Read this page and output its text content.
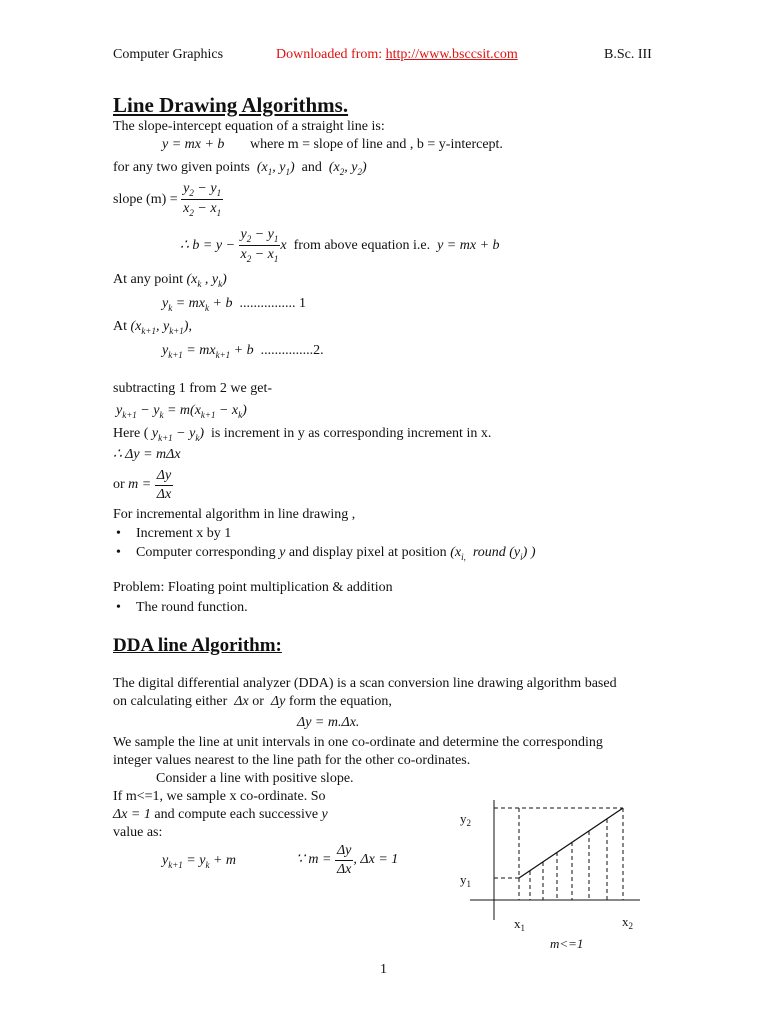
Computer Graphics	Downloaded from: http://www.bsccsit.com	B.Sc. III
Line Drawing Algorithms.
The slope-intercept equation of a straight line is:
y = mx + b where m = slope of line and , b = y-intercept.
for any two given points ($x_1$, $y_1$) and ($x_2$, $y_2$)
slope $(m) = \frac{y_2 - y_1}{x_2 - x_1}$
∴ $b = y - \frac{y_2 - y_1}{x_2 - x_1}$ x from above equation i.e. y = mx + b
At any point ($x_k$ , $y_k$)
$y_k = mx_k + b$ ................ 1
At ($x_{k+1}$, $y_{k+1}$),
$y_{k+1} = mx_{k+1} + b$ ...............2.
subtracting 1 from 2 we get-
$y_{k+1} - y_k = m(x_{k+1} - x_k)$
Here ( $y_{k+1} - y_k$) is increment in y as corresponding increment in x.
∴ Δy = mΔx
or $m = \frac{\Delta y}{\Delta x}$
For incremental algorithm in line drawing ,
• Increment x by 1
• Computer corresponding y and display pixel at position ($x_{i,}$  round $(y_i)$ )
Problem: Floating point multiplication & addition
• The round function.
DDA line Algorithm:
The digital differential analyzer (DDA) is a scan conversion line drawing algorithm based
on calculating either Δx or  Δy form the equation,
Δy = m.Δx.
We sample the line at unit intervals in one co-ordinate and determine the corresponding
integer values nearest to the line path for the other co-ordinates.
Consider a line with positive slope.
If m<=1, we sample x co-ordinate. So
Δx = 1 and compute each successive y
value as:
$y_{k+1} = y_k + m$	∵ $m = \frac{\Delta y}{\Delta x}$ , Δx = 1
$y_2$
$y_1$
$x_1$	$x_2$
m<=1
1
